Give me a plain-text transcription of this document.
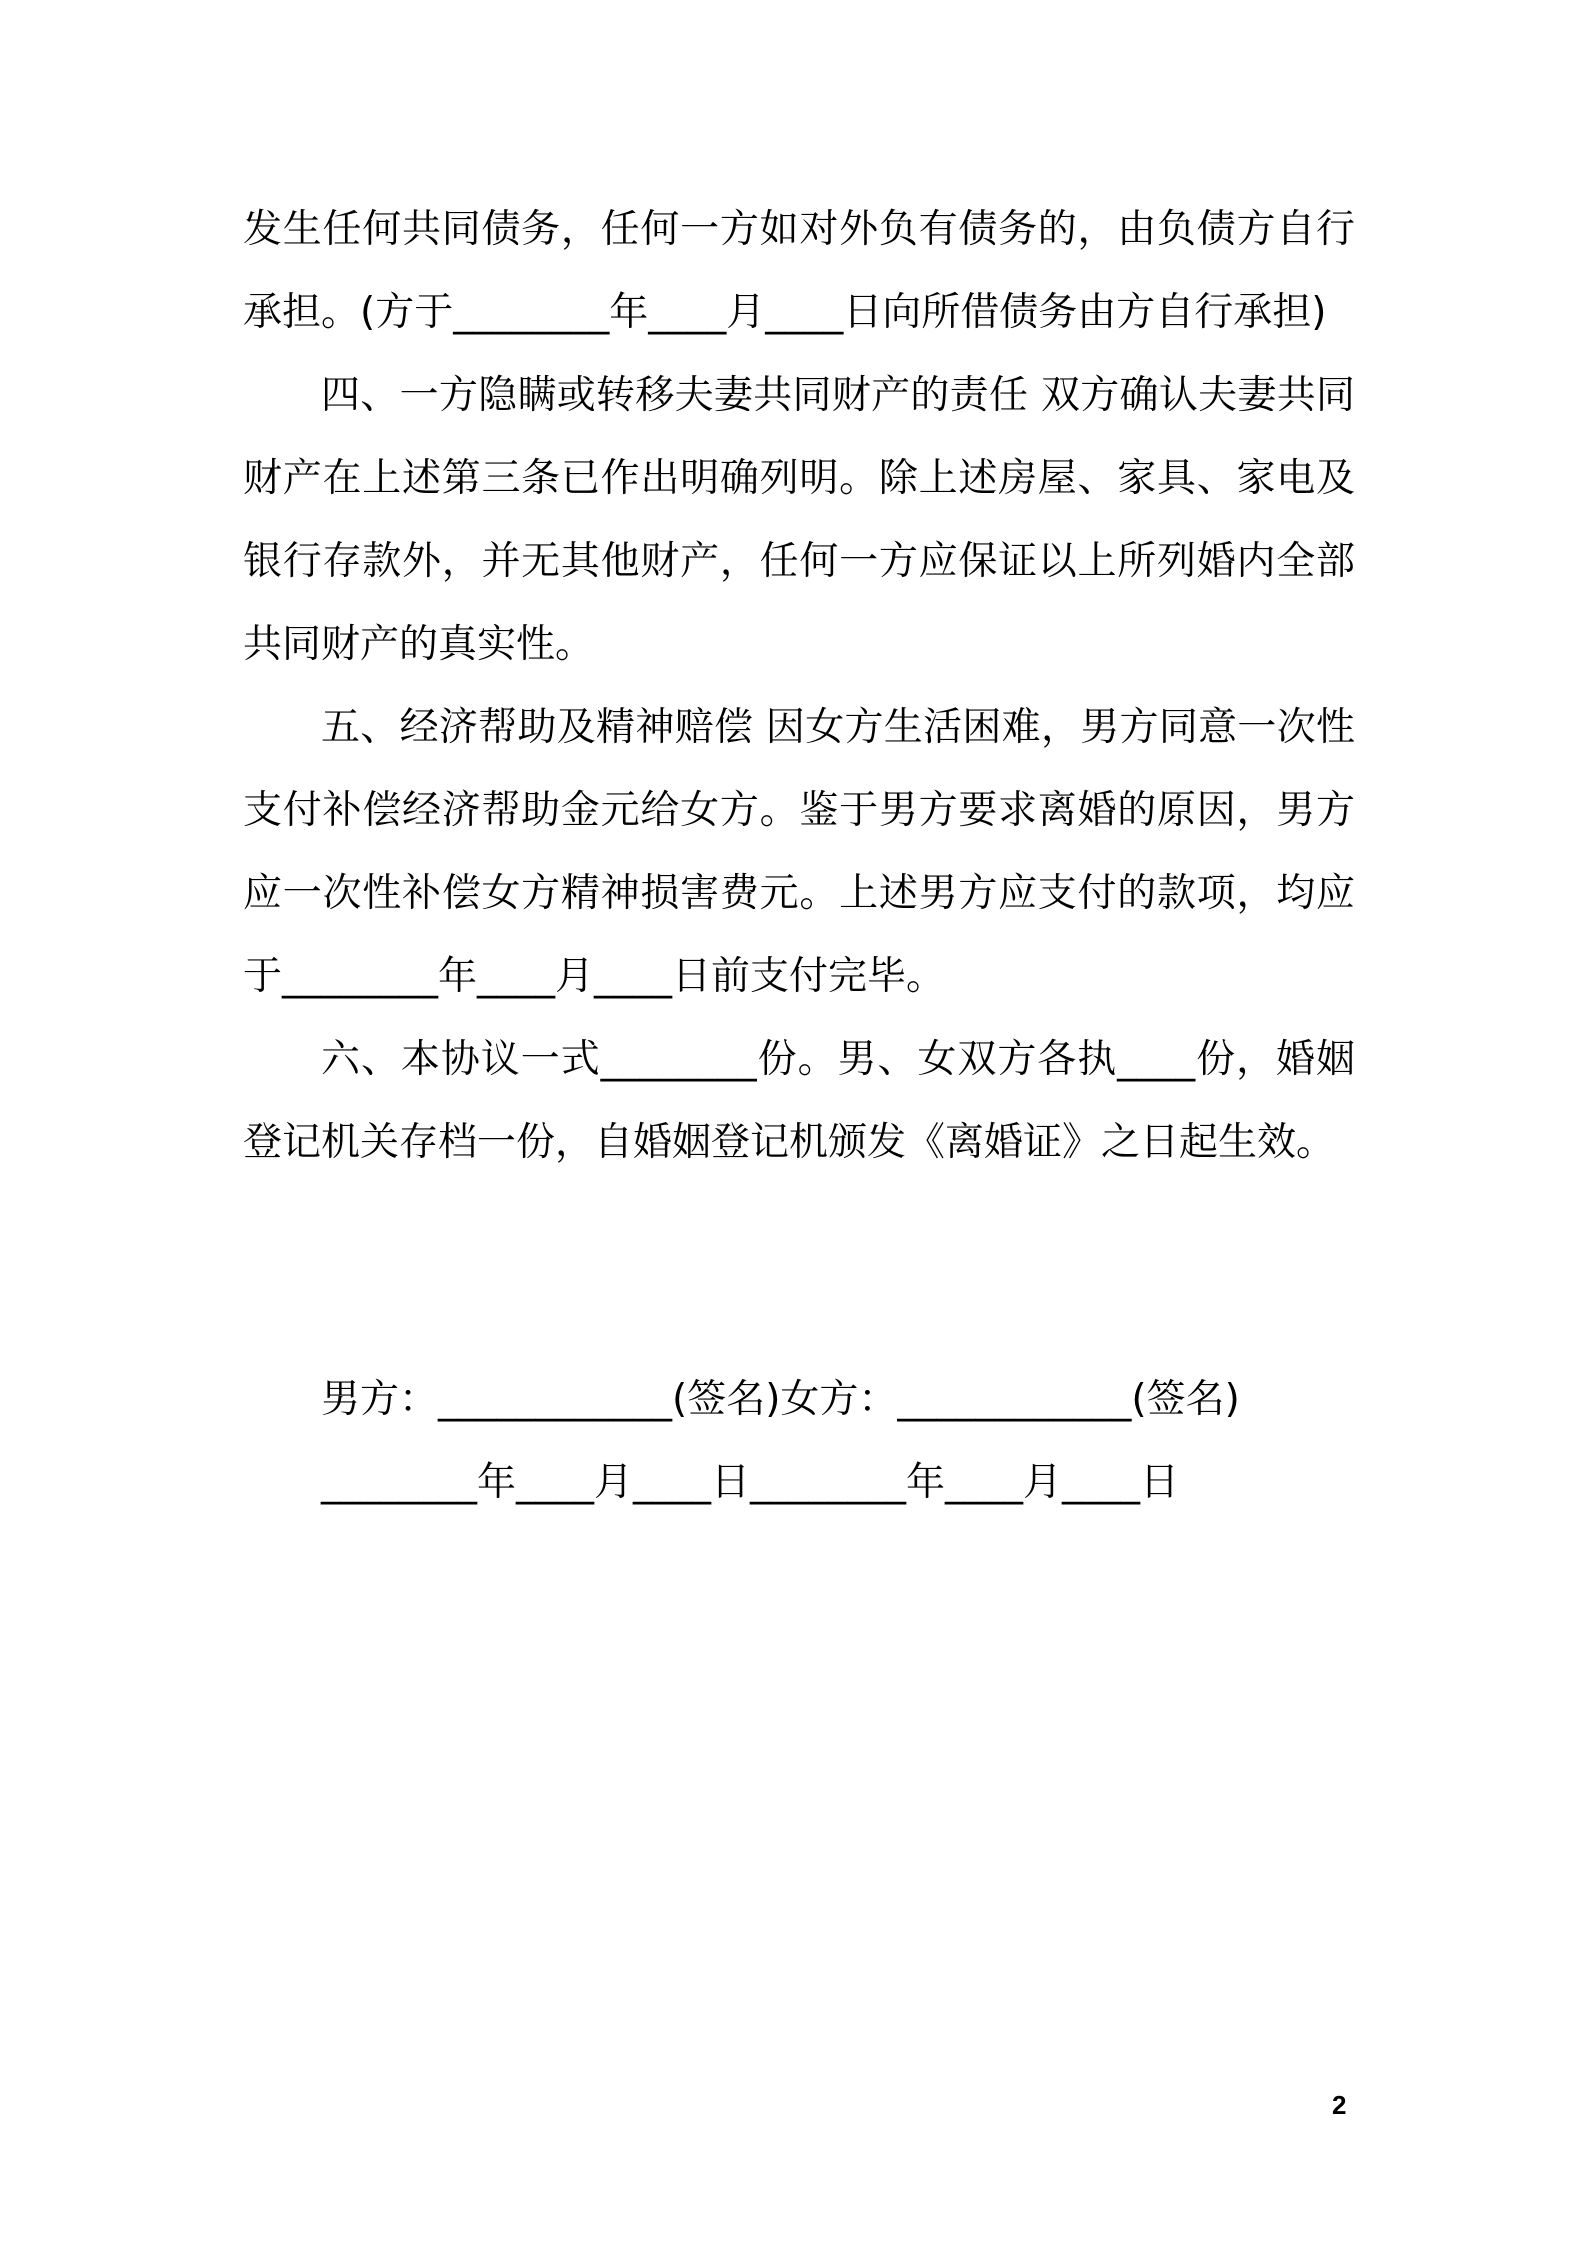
发生任何共同债务，任何一方如对外负有债务的，由负债方自行承担。(方于________年____月____日向所借债务由方自行承担)

四、一方隐瞒或转移夫妻共同财产的责任 双方确认夫妻共同财产在上述第三条已作出明确列明。除上述房屋、家具、家电及银行存款外，并无其他财产，任何一方应保证以上所列婚内全部共同财产的真实性。

五、经济帮助及精神赔偿 因女方生活困难，男方同意一次性支付补偿经济帮助金元给女方。鉴于男方要求离婚的原因，男方应一次性补偿女方精神损害费元。上述男方应支付的款项，均应于________年____月____日前支付完毕。

六、本协议一式________份。男、女双方各执____份，婚姻登记机关存档一份，自婚姻登记机颁发《离婚证》之日起生效。

男方：____________(签名)女方：____________(签名)
________年____月____日________年____月____日
2
